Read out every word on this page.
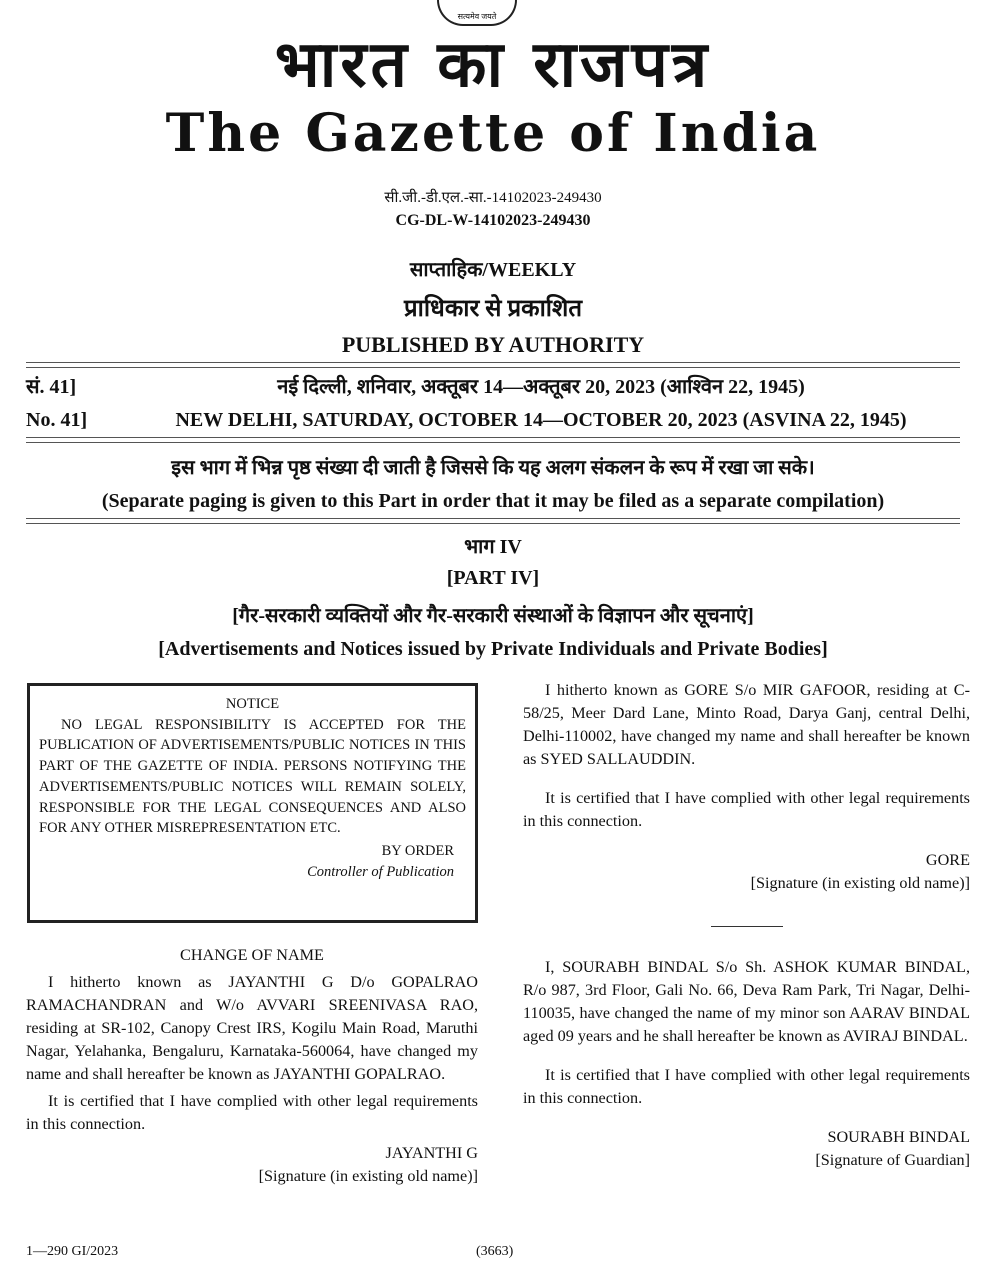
सत्यमेव जयते
भारत का राजपत्र
The Gazette of India
सी.जी.-डी.एल.-सा.-14102023-249430
CG-DL-W-14102023-249430
साप्ताहिक/WEEKLY
प्राधिकार से प्रकाशित
PUBLISHED BY AUTHORITY
सं. 41]	नई दिल्ली, शनिवार, अक्तूबर 14—अक्तूबर 20, 2023 (आश्विन 22, 1945)
No. 41]	NEW DELHI, SATURDAY, OCTOBER 14—OCTOBER 20, 2023 (ASVINA 22, 1945)
इस भाग में भिन्न पृष्ठ संख्या दी जाती है जिससे कि यह अलग संकलन के रूप में रखा जा सके।
(Separate paging is given to this Part in order that it may be filed as a separate compilation)
भाग IV
[PART IV]
[गैर-सरकारी व्यक्तियों और गैर-सरकारी संस्थाओं के विज्ञापन और सूचनाएं]
[Advertisements and Notices issued by Private Individuals and Private Bodies]
NOTICE
NO LEGAL RESPONSIBILITY IS ACCEPTED FOR THE PUBLICATION OF ADVERTISEMENTS/PUBLIC NOTICES IN THIS PART OF THE GAZETTE OF INDIA. PERSONS NOTIFYING THE ADVERTISEMENTS/PUBLIC NOTICES WILL REMAIN SOLELY, RESPONSIBLE FOR THE LEGAL CONSEQUENCES AND ALSO FOR ANY OTHER MISREPRESENTATION ETC.
BY ORDER
Controller of Publication
CHANGE OF NAME

I hitherto known as JAYANTHI G D/o GOPALRAO RAMACHANDRAN and W/o AVVARI SREENIVASA RAO, residing at SR-102, Canopy Crest IRS, Kogilu Main Road, Maruthi Nagar, Yelahanka, Bengaluru, Karnataka-560064, have changed my name and shall hereafter be known as JAYANTHI GOPALRAO.

It is certified that I have complied with other legal requirements in this connection.

JAYANTHI G
[Signature (in existing old name)]

I hitherto known as GORE S/o MIR GAFOOR, residing at C-58/25, Meer Dard Lane, Minto Road, Darya Ganj, central Delhi, Delhi-110002, have changed my name and shall hereafter be known as SYED SALLAUDDIN.

It is certified that I have complied with other legal requirements in this connection.

GORE
[Signature (in existing old name)]

I, SOURABH BINDAL S/o Sh. ASHOK KUMAR BINDAL, R/o 987, 3rd Floor, Gali No. 66, Deva Ram Park, Tri Nagar, Delhi-110035, have changed the name of my minor son AARAV BINDAL aged 09 years and he shall hereafter be known as AVIRAJ BINDAL.

It is certified that I have complied with other legal requirements in this connection.

SOURABH BINDAL
[Signature of Guardian]
1—290 GI/2023	(3663)
